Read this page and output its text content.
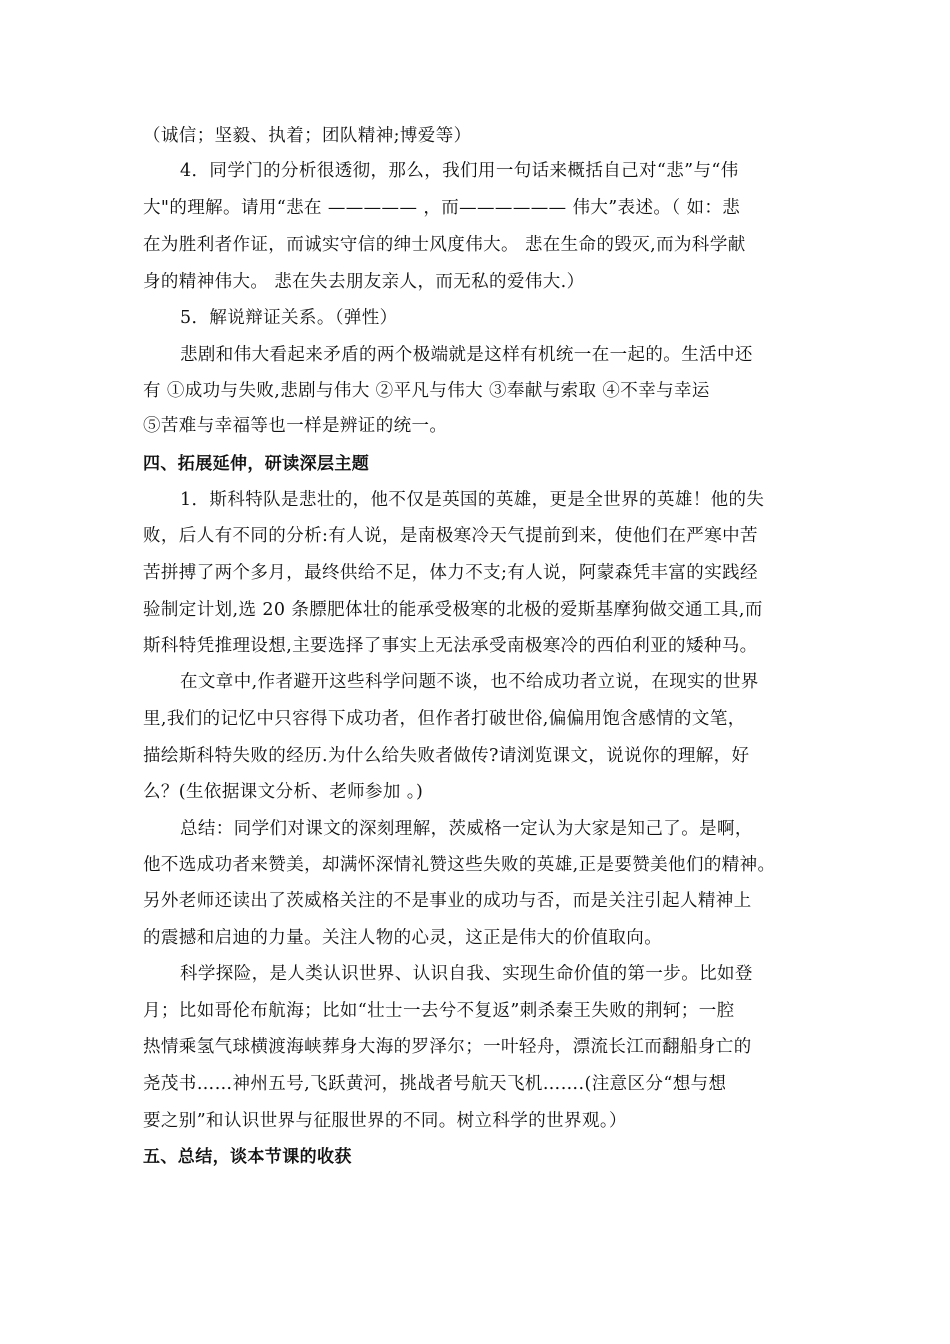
（诚信；坚毅、执着；团队精神;博爱等）
4．同学门的分析很透彻，那么，我们用一句话来概括自己对“悲”与“伟
大"的理解。请用“悲在 ————— ，而—————— 伟大”表述。（ 如：悲
在为胜利者作证，而诚实守信的绅士风度伟大。 悲在生命的毁灭,而为科学献
身的精神伟大。 悲在失去朋友亲人，而无私的爱伟大.）
5．解说辩证关系。（弹性）
悲剧和伟大看起来矛盾的两个极端就是这样有机统一在一起的。生活中还
有 ①成功与失败,悲剧与伟大 ②平凡与伟大 ③奉献与索取 ④不幸与幸运
⑤苦难与幸福等也一样是辨证的统一。
四、拓展延伸，研读深层主题
1．斯科特队是悲壮的，他不仅是英国的英雄，更是全世界的英雄！他的失
败，后人有不同的分析:有人说，是南极寒冷天气提前到来，使他们在严寒中苦
苦拼搏了两个多月，最终供给不足，体力不支;有人说，阿蒙森凭丰富的实践经
验制定计划,选 20 条膘肥体壮的能承受极寒的北极的爱斯基摩狗做交通工具,而
斯科特凭推理设想,主要选择了事实上无法承受南极寒冷的西伯利亚的矮种马。
在文章中,作者避开这些科学问题不谈，也不给成功者立说，在现实的世界
里,我们的记忆中只容得下成功者，但作者打破世俗,偏偏用饱含感情的文笔，
描绘斯科特失败的经历.为什么给失败者做传?请浏览课文，说说你的理解，好
么？(生依据课文分析、老师参加 。)
总结：同学们对课文的深刻理解，茨威格一定认为大家是知己了。是啊，
他不选成功者来赞美，却满怀深情礼赞这些失败的英雄,正是要赞美他们的精神。
另外老师还读出了茨威格关注的不是事业的成功与否，而是关注引起人精神上
的震撼和启迪的力量。关注人物的心灵，这正是伟大的价值取向。
科学探险，是人类认识世界、认识自我、实现生命价值的第一步。比如登
月；比如哥伦布航海；比如“壮士一去兮不复返”刺杀秦王失败的荆轲；一腔
热情乘氢气球横渡海峡葬身大海的罗泽尔；一叶轻舟，漂流长江而翻船身亡的
尧茂书……神州五号,飞跃黄河，挑战者号航天飞机…….(注意区分“想与想
要之别”和认识世界与征服世界的不同。树立科学的世界观。）
五、总结，谈本节课的收获
